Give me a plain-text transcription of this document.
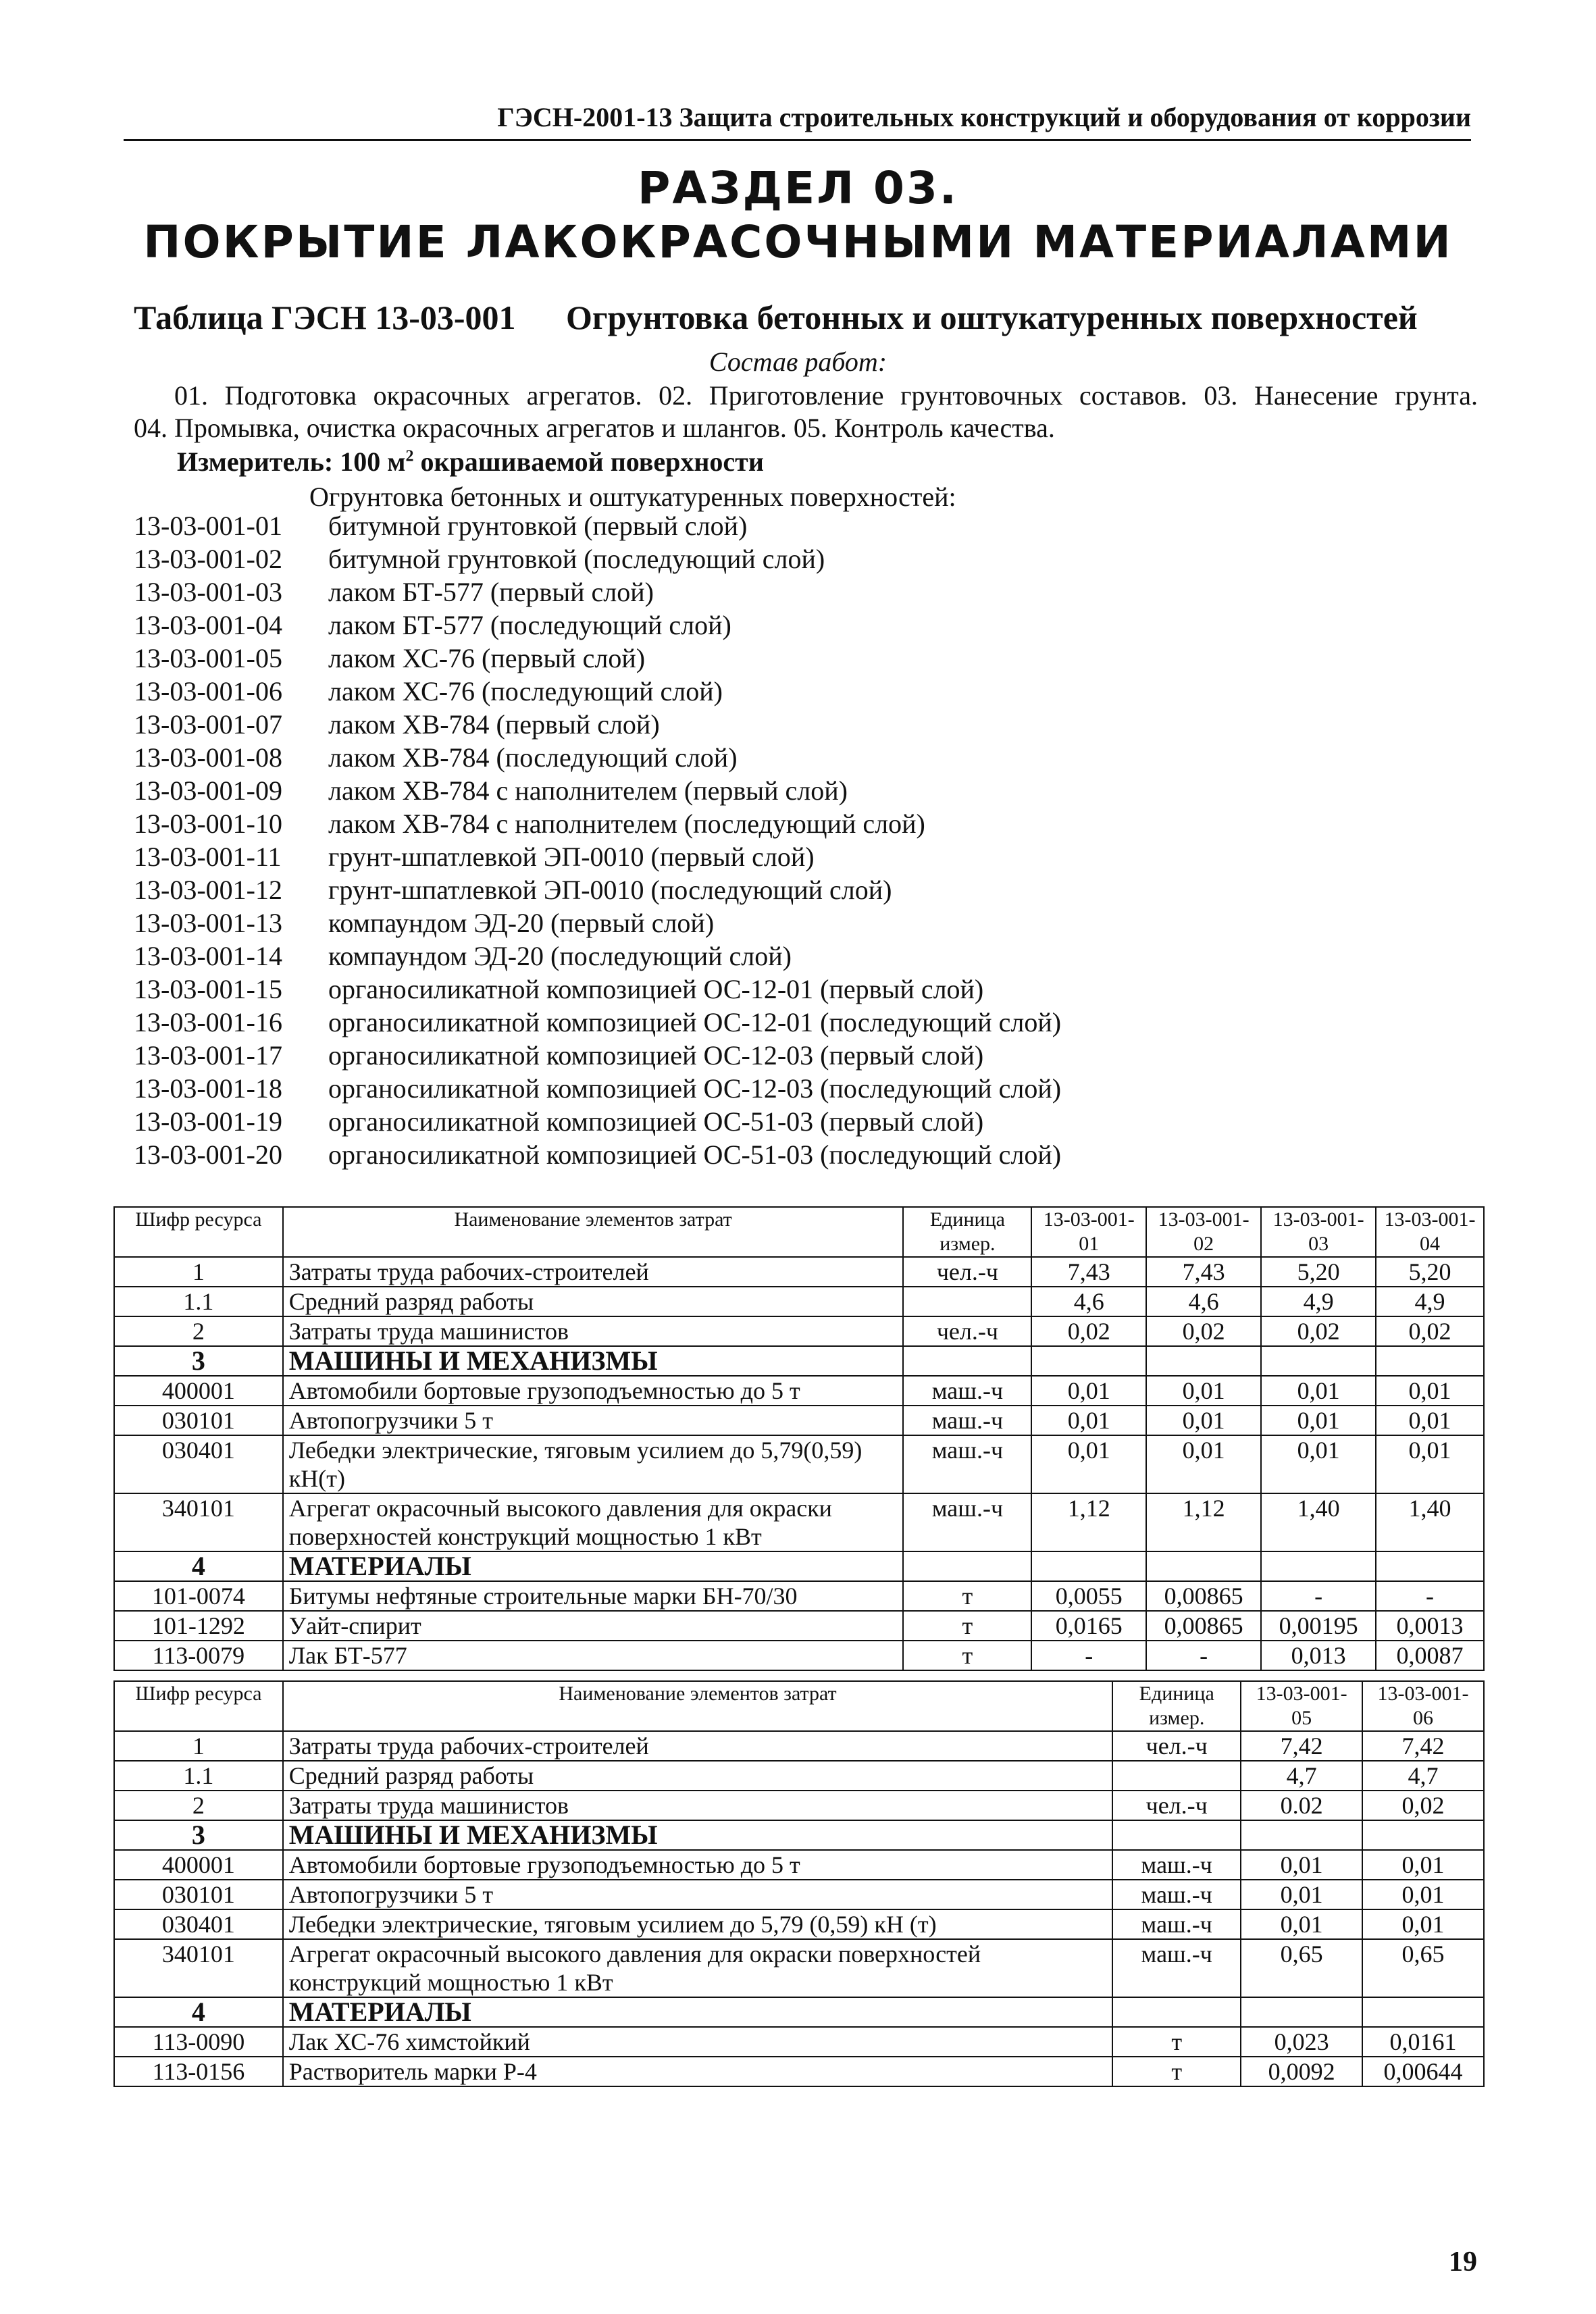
ГЭСН-2001-13 Защита строительных конструкций и оборудования от коррозии
РАЗДЕЛ 03.
ПОКРЫТИЕ ЛАКОКРАСОЧНЫМИ МАТЕРИАЛАМИ
Таблица ГЭСН 13-03-001 Огрунтовка бетонных и оштукатуренных поверхностей
Состав работ:
01. Подготовка окрасочных агрегатов. 02. Приготовление грунтовочных составов. 03. Нанесение грунта.
04. Промывка, очистка окрасочных агрегатов и шлангов. 05. Контроль качества.
Измеритель: 100 $м^2$ окрашиваемой поверхности
Огрунтовка бетонных и оштукатуренных поверхностей:
13-03-001-01 битумной грунтовкой (первый слой)
13-03-001-02 битумной грунтовкой (последующий слой)
13-03-001-03 лаком БТ-577 (первый слой)
13-03-001-04 лаком БТ-577 (последующий слой)
13-03-001-05 лаком ХС-76 (первый слой)
13-03-001-06 лаком ХС-76 (последующий слой)
13-03-001-07 лаком ХВ-784 (первый слой)
13-03-001-08 лаком ХВ-784 (последующий слой)
13-03-001-09 лаком ХВ-784 с наполнителем (первый слой)
13-03-001-10 лаком ХВ-784 с наполнителем (последующий слой)
13-03-001-11 грунт-шпатлевкой ЭП-0010 (первый слой)
13-03-001-12 грунт-шпатлевкой ЭП-0010 (последующий слой)
13-03-001-13 компаундом ЭД-20 (первый слой)
13-03-001-14 компаундом ЭД-20 (последующий слой)
13-03-001-15 органосиликатной композицией ОС-12-01 (первый слой)
13-03-001-16 органосиликатной композицией ОС-12-01 (последующий слой)
13-03-001-17 органосиликатной композицией ОС-12-03 (первый слой)
13-03-001-18 органосиликатной композицией ОС-12-03 (последующий слой)
13-03-001-19 органосиликатной композицией ОС-51-03 (первый слой)
13-03-001-20 органосиликатной композицией ОС-51-03 (последующий слой)
Шифр ресурса	Наименование элементов затрат	Единица измер.	13-03-001-01	13-03-001-02	13-03-001-03	13-03-001-04
1	Затраты труда рабочих-строителей	чел.-ч	7,43	7,43	5,20	5,20
1.1	Средний разряд работы		4,6	4,6	4,9	4,9
2	Затраты труда машинистов	чел.-ч	0,02	0,02	0,02	0,02
3	МАШИНЫ И МЕХАНИЗМЫ					
400001	Автомобили бортовые грузоподъемностью до 5 т	маш.-ч	0,01	0,01	0,01	0,01
030101	Автопогрузчики 5 т	маш.-ч	0,01	0,01	0,01	0,01
030401	Лебедки электрические, тяговым усилием до 5,79(0,59) кН(т)	маш.-ч	0,01	0,01	0,01	0,01
340101	Агрегат окрасочный высокого давления для окраски поверхностей конструкций мощностью 1 кВт	маш.-ч	1,12	1,12	1,40	1,40
4	МАТЕРИАЛЫ					
101-0074	Битумы нефтяные строительные марки БН-70/30	т	0,0055	0,00865	-	-
101-1292	Уайт-спирит	т	0,0165	0,00865	0,00195	0,0013
113-0079	Лак БТ-577	т	-	-	0,013	0,0087
Шифр ресурса	Наименование элементов затрат	Единица измер.	13-03-001-05	13-03-001-06
1	Затраты труда рабочих-строителей	чел.-ч	7,42	7,42
1.1	Средний разряд работы		4,7	4,7
2	Затраты труда машинистов	чел.-ч	0.02	0,02
3	МАШИНЫ И МЕХАНИЗМЫ			
400001	Автомобили бортовые грузоподъемностью до 5 т	маш.-ч	0,01	0,01
030101	Автопогрузчики 5 т	маш.-ч	0,01	0,01
030401	Лебедки электрические, тяговым усилием до 5,79 (0,59) кН (т)	маш.-ч	0,01	0,01
340101	Агрегат окрасочный высокого давления для окраски поверхностей конструкций мощностью 1 кВт	маш.-ч	0,65	0,65
4	МАТЕРИАЛЫ			
113-0090	Лак ХС-76 химстойкий	т	0,023	0,0161
113-0156	Растворитель марки Р-4	т	0,0092	0,00644
19
